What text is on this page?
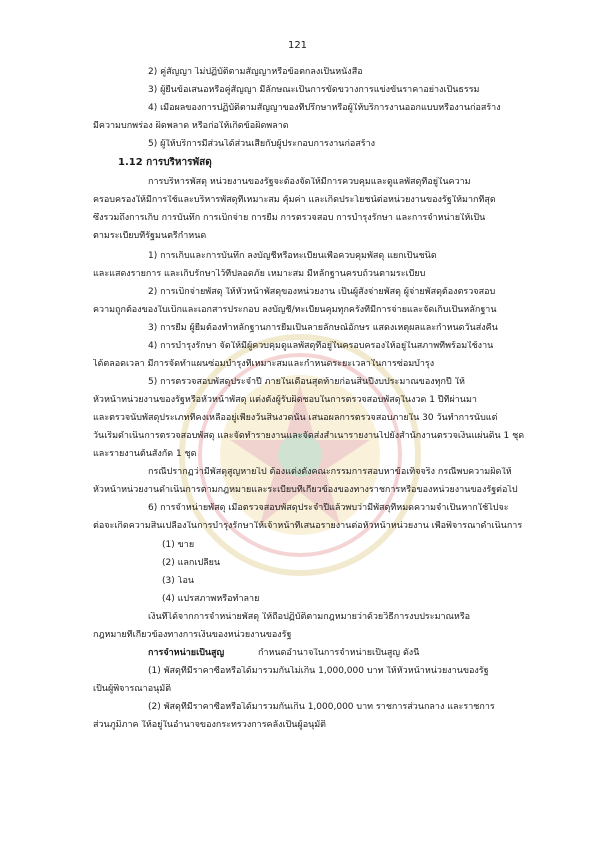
121
2) คู่สัญญา ไม่ปฏิบัติตามสัญญาหรือข้อตกลงเป็นหนังสือ
3) ผู้ยื่นข้อเสนอหรือคู่สัญญา มีลักษณะเป็นการขัดขวางการแข่งขันราคาอย่างเป็นธรรม
4) เมื่อผลของการปฏิบัติตามสัญญาของที่ปรึกษาหรือผู้ให้บริการงานออกแบบหรืองานก่อสร้าง
มีความบกพร่อง ผิดพลาด หรือก่อให้เกิดข้อผิดพลาด
5) ผู้ให้บริการมีส่วนได้ส่วนเสียกับผู้ประกอบการงานก่อสร้าง
1.12 การบริหารพัสดุ
การบริหารพัสดุ หน่วยงานของรัฐจะต้องจัดให้มีการควบคุมและดูแลพัสดุที่อยู่ในความ
ครอบครองให้มีการใช้และบริหารพัสดุที่เหมาะสม คุ้มค่า และเกิดประโยชน์ต่อหน่วยงานของรัฐให้มากที่สุด
ซึ่งรวมถึงการเก็บ การบันทึก การเบิกจ่าย การยืม การตรวจสอบ การบำรุงรักษา และการจำหน่ายให้เป็น
ตามระเบียบที่รัฐมนตรีกำหนด
1) การเก็บและการบันทึก ลงบัญชีหรือทะเบียนเพื่อควบคุมพัสดุ แยกเป็นชนิด
และแสดงรายการ และเก็บรักษาไว้ที่ปลอดภัย เหมาะสม มีหลักฐานครบถ้วนตามระเบียบ
2) การเบิกจ่ายพัสดุ ให้หัวหน้าพัสดุของหน่วยงาน เป็นผู้สั่งจ่ายพัสดุ ผู้จ่ายพัสดุต้องตรวจสอบ
ความถูกต้องของใบเบิกและเอกสารประกอบ ลงบัญชี/ทะเบียนคุมทุกครั้งที่มีการจ่ายและจัดเก็บเป็นหลักฐาน
3) การยืม ผู้ยืมต้องทำหลักฐานการยืมเป็นลายลักษณ์อักษร แสดงเหตุผลและกำหนดวันส่งคืน
4) การบำรุงรักษา จัดให้มีผู้ควบคุมดูแลพัสดุที่อยู่ในครอบครองให้อยู่ในสภาพที่พร้อมใช้งาน
ได้ตลอดเวลา มีการจัดทำแผนซ่อมบำรุงที่เหมาะสมและกำหนดระยะเวลาในการซ่อมบำรุง
5) การตรวจสอบพัสดุประจำปี ภายในเดือนสุดท้ายก่อนสิ้นปีงบประมาณของทุกปี ให้
หัวหน้าหน่วยงานของรัฐหรือหัวหน้าพัสดุ แต่งตั้งผู้รับผิดชอบในการตรวจสอบพัสดุในงวด 1 ปีที่ผ่านมา
และตรวจนับพัสดุประเภทที่คงเหลืออยู่เพียงวันสิ้นงวดนั้น เสนอผลการตรวจสอบภายใน 30 วันทำการนับแต่
วันเริ่มดำเนินการตรวจสอบพัสดุ และจัดทำรายงานและจัดส่งสำเนารายงานไปยังสำนักงานตรวจเงินแผ่นดิน 1 ชุด
และรายงานต้นสังกัด 1 ชุด
กรณีปรากฏว่ามีพัสดุสูญหายไป ต้องแต่งตั้งคณะกรรมการสอบหาข้อเท็จจริง กรณีพบความผิดให้
หัวหน้าหน่วยงานดำเนินการตามกฎหมายและระเบียบที่เกี่ยวข้องของทางราชการหรือของหน่วยงานของรัฐต่อไป
6) การจำหน่ายพัสดุ เมื่อตรวจสอบพัสดุประจำปีแล้วพบว่ามีพัสดุที่หมดความจำเป็นหากใช้ไปจะ
ต่อจะเกิดความสิ้นเปลืองในการบำรุงรักษาให้เจ้าหน้าที่เสนอรายงานต่อหัวหน้าหน่วยงาน เพื่อพิจารณาดำเนินการ
(1) ขาย
(2) แลกเปลี่ยน
(3) โอน
(4) แปรสภาพหรือทำลาย
เงินที่ได้จากการจำหน่ายพัสดุ ให้ถือปฏิบัติตามกฎหมายว่าด้วยวิธีการงบประมาณหรือ
กฎหมายที่เกี่ยวข้องทางการเงินของหน่วยงานของรัฐ
การจำหน่ายเป็นสูญ	กำหนดอำนาจในการจำหน่ายเป็นสูญ ดังนี้
(1) พัสดุที่มีราคาซื้อหรือได้มารวมกันไม่เกิน 1,000,000 บาท ให้หัวหน้าหน่วยงานของรัฐ
เป็นผู้พิจารณาอนุมัติ
(2) พัสดุที่มีราคาซื้อหรือได้มารวมกันเกิน 1,000,000 บาท ราชการส่วนกลาง และราชการ
ส่วนภูมิภาค ให้อยู่ในอำนาจของกระทรวงการคลังเป็นผู้อนุมัติ
